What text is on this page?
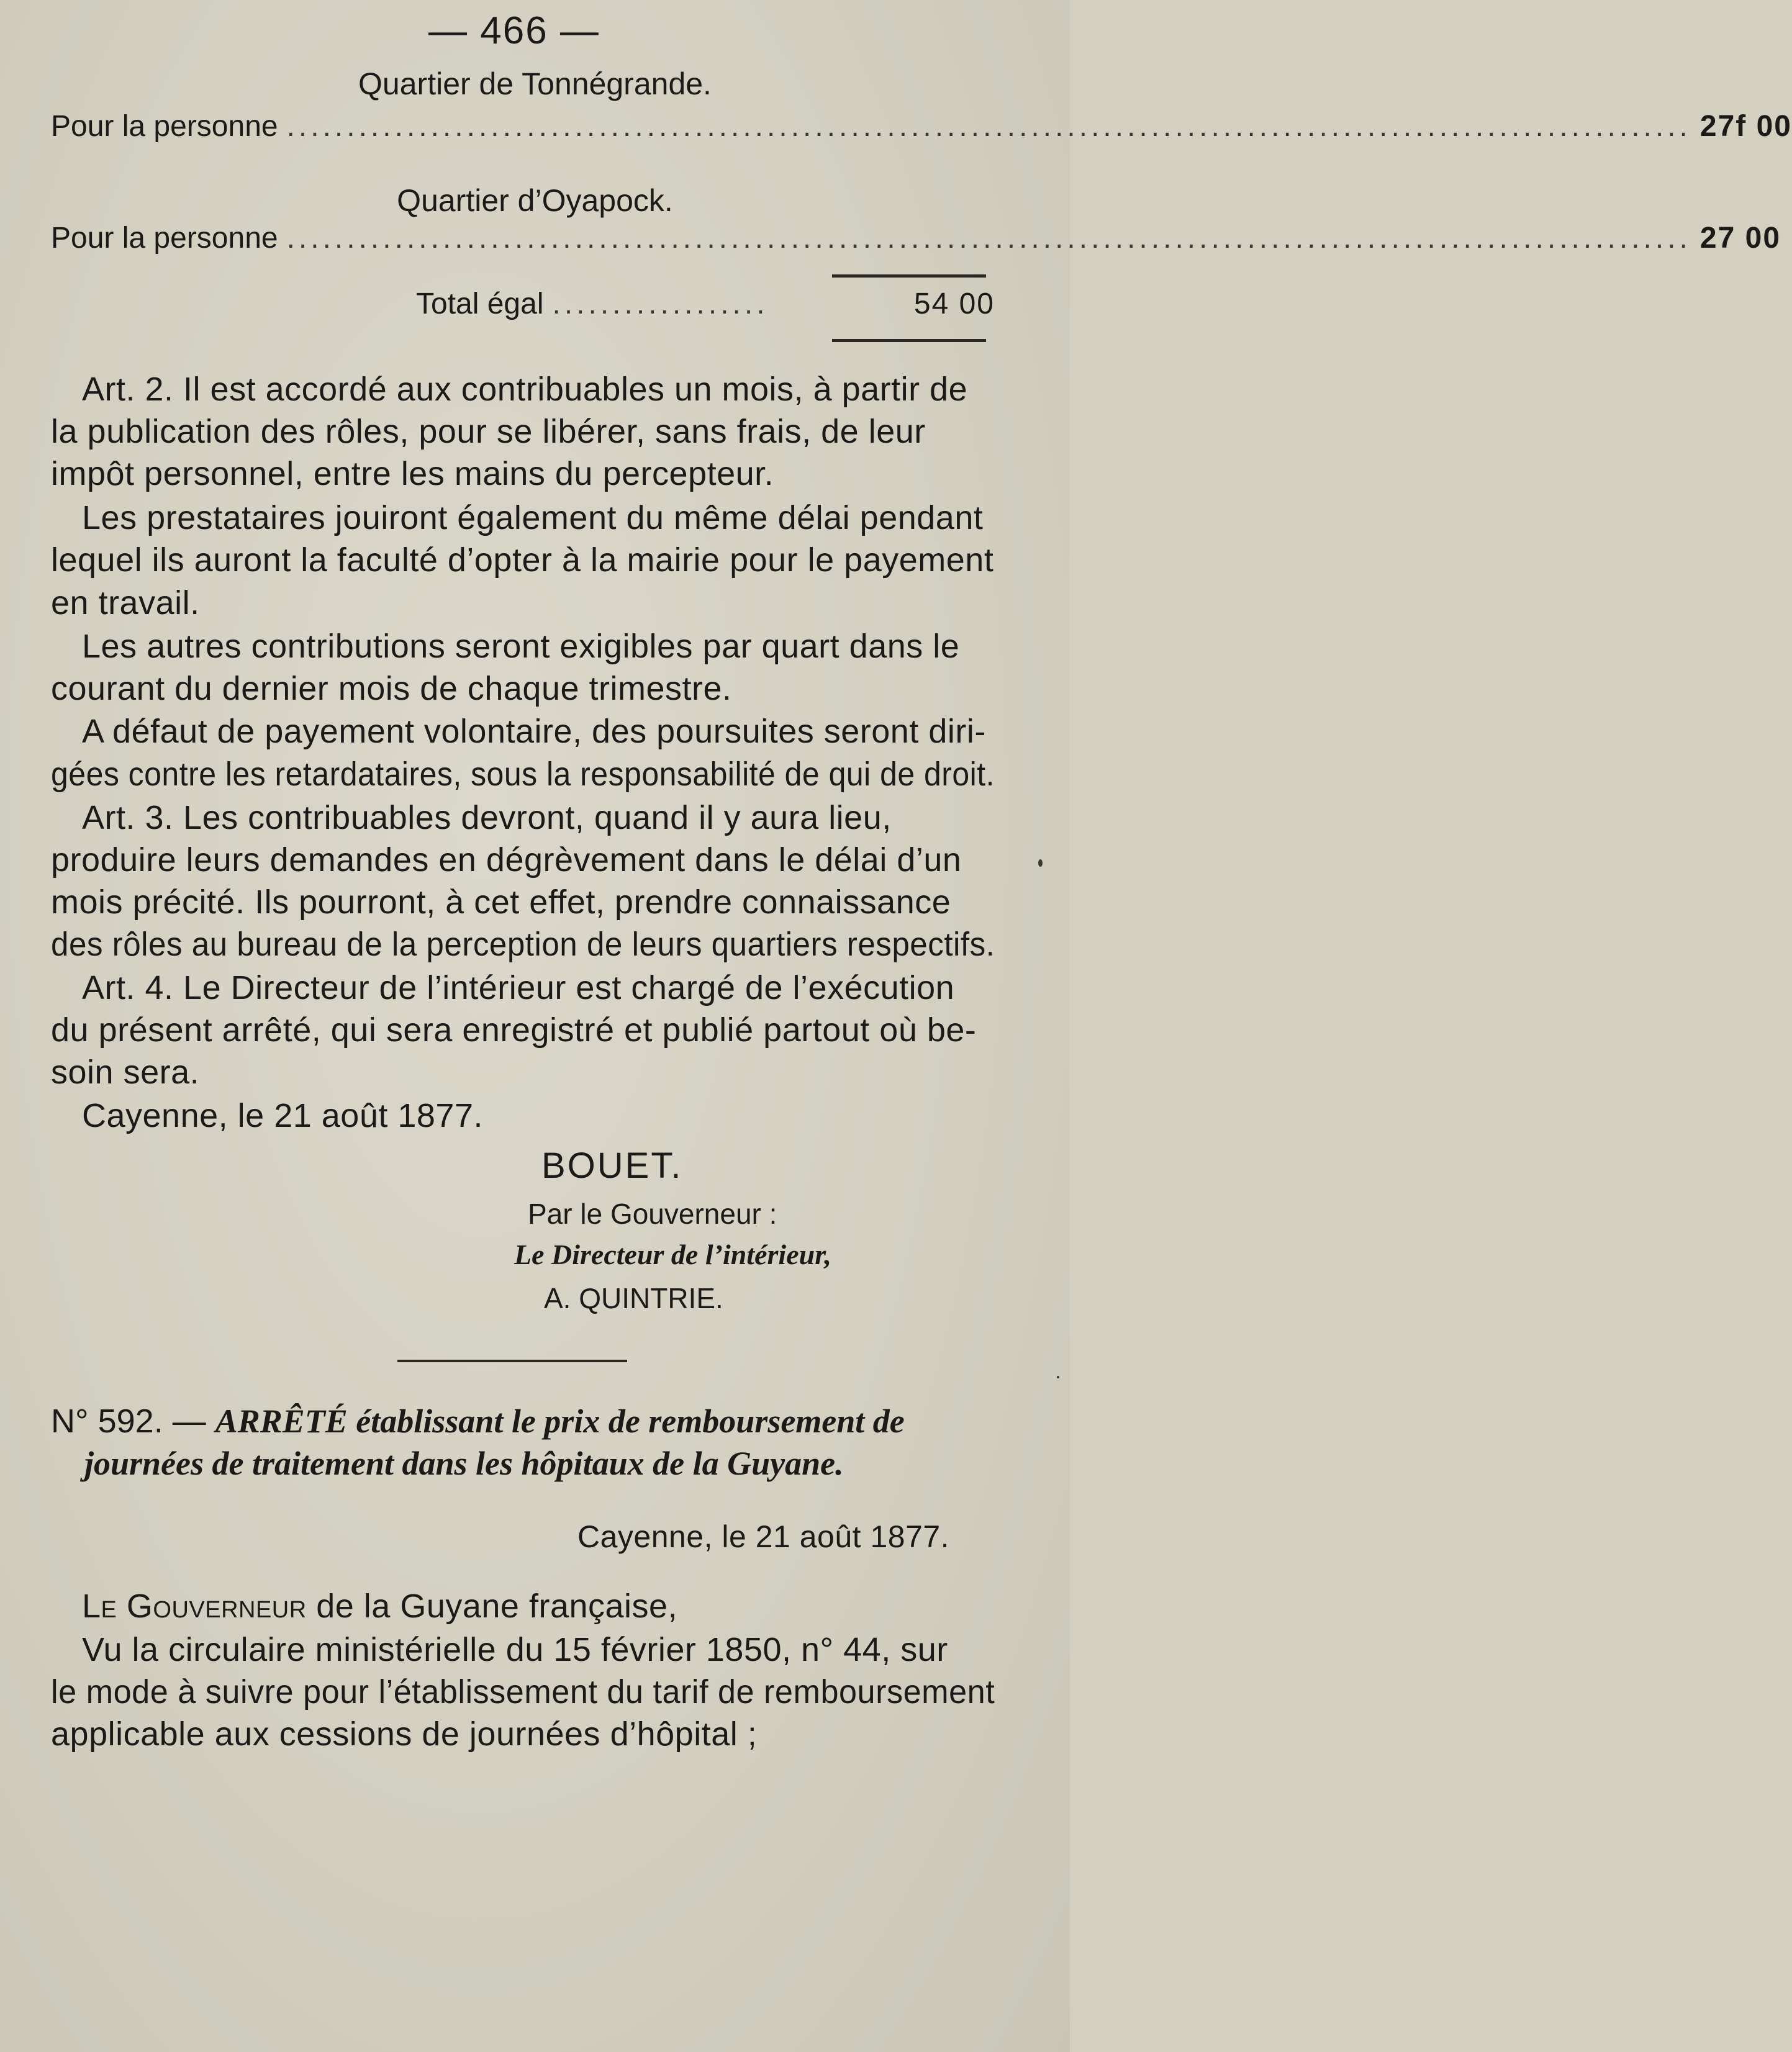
— 466 —
Quartier de Tonnégrande.
Pour la personne ..................................................................................................................... 27f 00
Quartier d’Oyapock.
Pour la personne ..................................................................................................................... 27 00
Total égal ..................	54 00
Art. 2. Il est accordé aux contribuables un mois, à partir de
la publication des rôles, pour se libérer, sans frais, de leur
impôt personnel, entre les mains du percepteur.
Les prestataires jouiront également du même délai pendant
lequel ils auront la faculté d’opter à la mairie pour le payement
en travail.
Les autres contributions seront exigibles par quart dans le
courant du dernier mois de chaque trimestre.
A défaut de payement volontaire, des poursuites seront diri-
gées contre les retardataires, sous la responsabilité de qui de droit.
Art. 3. Les contribuables devront, quand il y aura lieu,
produire leurs demandes en dégrèvement dans le délai d’un
mois précité. Ils pourront, à cet effet, prendre connaissance
des rôles au bureau de la perception de leurs quartiers respectifs.
Art. 4. Le Directeur de l’intérieur est chargé de l’exécution
du présent arrêté, qui sera enregistré et publié partout où be-
soin sera.
Cayenne, le 21 août 1877.
BOUET.
Par le Gouverneur :
Le Directeur de l’intérieur,
A. QUINTRIE.
N° 592. — ARRÊTÉ établissant le prix de remboursement de
journées de traitement dans les hôpitaux de la Guyane.
Cayenne, le 21 août 1877.
Le Gouverneur de la Guyane française,
Vu la circulaire ministérielle du 15 février 1850, n° 44, sur
le mode à suivre pour l’établissement du tarif de remboursement
applicable aux cessions de journées d’hôpital ;
